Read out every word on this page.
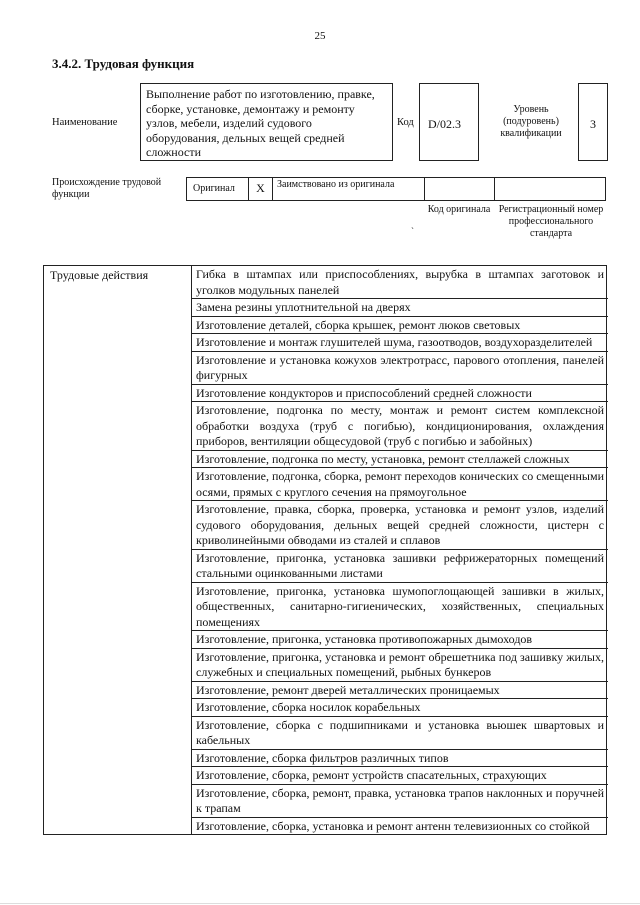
25
3.4.2. Трудовая функция
Наименование
Выполнение работ по изготовлению, правке, сборке, установке, демонтажу и ремонту узлов, мебели, изделий судового оборудования, дельных вещей средней сложности
Код	D/02.3
Уровень (подуровень) квалификации
3
Происхождение трудовой функции
Оригинал	X	Заимствовано из оригинала
Код оригинала Регистрационный номер профессионального стандарта
`
Трудовые действия	Гибка в штампах или приспособлениях, вырубка в штампах заготовок и уголков модульных панелей
Замена резины уплотнительной на дверях
Изготовление деталей, сборка крышек, ремонт люков световых
Изготовление и монтаж глушителей шума, газоотводов, воздухоразделителей
Изготовление и установка кожухов электротрасс, парового отопления, панелей фигурных
Изготовление кондукторов и приспособлений средней сложности
Изготовление, подгонка по месту, монтаж и ремонт систем комплексной обработки воздуха (труб с погибью), кондиционирования, охлаждения приборов, вентиляции общесудовой (труб с погибью и забойных)
Изготовление, подгонка по месту, установка, ремонт стеллажей сложных
Изготовление, подгонка, сборка, ремонт переходов конических со смещенными осями, прямых с круглого сечения на прямоугольное
Изготовление, правка, сборка, проверка, установка и ремонт узлов, изделий судового оборудования, дельных вещей средней сложности, цистерн с криволинейными обводами из сталей и сплавов
Изготовление, пригонка, установка зашивки рефрижераторных помещений стальными оцинкованными листами
Изготовление, пригонка, установка шумопоглощающей зашивки в жилых, общественных, санитарно-гигиенических, хозяйственных, специальных помещениях
Изготовление, пригонка, установка противопожарных дымоходов
Изготовление, пригонка, установка и ремонт обрешетника под зашивку жилых, служебных и специальных помещений, рыбных бункеров
Изготовление, ремонт дверей металлических проницаемых
Изготовление, сборка носилок корабельных
Изготовление, сборка с подшипниками и установка вьюшек швартовых и кабельных
Изготовление, сборка фильтров различных типов
Изготовление, сборка, ремонт устройств спасательных, страхующих
Изготовление, сборка, ремонт, правка, установка трапов наклонных и поручней к трапам
Изготовление, сборка, установка и ремонт антенн телевизионных со стойкой
